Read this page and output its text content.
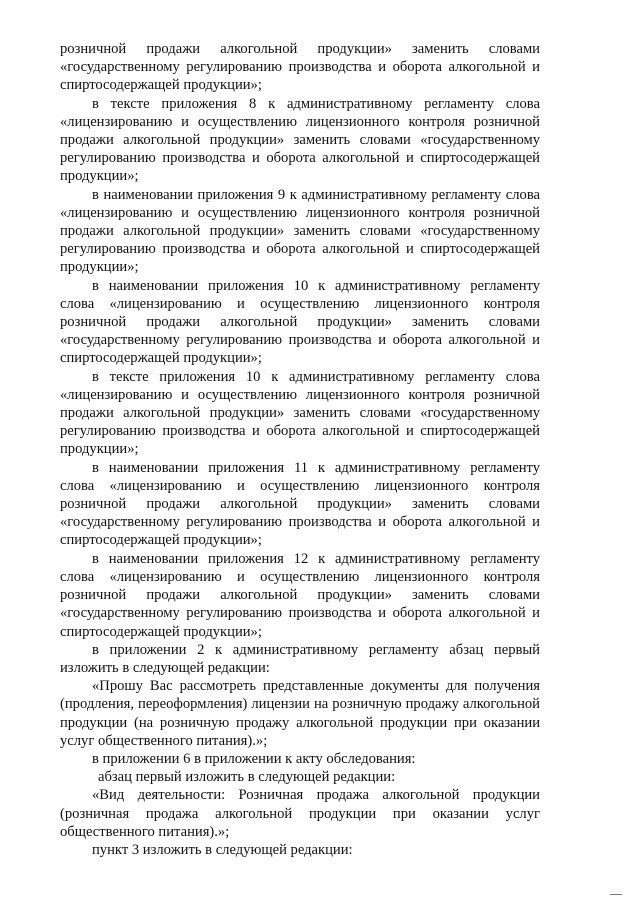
розничной продажи алкогольной продукции» заменить словами «государственному регулированию производства и оборота алкогольной и спиртосодержащей продукции»;

в тексте приложения 8 к административному регламенту слова «лицензированию и осуществлению лицензионного контроля розничной продажи алкогольной продукции» заменить словами «государственному регулированию производства и оборота алкогольной и спиртосодержащей продукции»;

в наименовании приложения 9 к административному регламенту слова «лицензированию и осуществлению лицензионного контроля розничной продажи алкогольной продукции» заменить словами «государственному регулированию производства и оборота алкогольной и спиртосодержащей продукции»;

в наименовании приложения 10 к административному регламенту слова «лицензированию и осуществлению лицензионного контроля розничной продажи алкогольной продукции» заменить словами «государственному регулированию производства и оборота алкогольной и спиртосодержащей продукции»;

в тексте приложения 10 к административному регламенту слова «лицензированию и осуществлению лицензионного контроля розничной продажи алкогольной продукции» заменить словами «государственному регулированию производства и оборота алкогольной и спиртосодержащей продукции»;

в наименовании приложения 11 к административному регламенту слова «лицензированию и осуществлению лицензионного контроля розничной продажи алкогольной продукции» заменить словами «государственному регулированию производства и оборота алкогольной и спиртосодержащей продукции»;

в наименовании приложения 12 к административному регламенту слова «лицензированию и осуществлению лицензионного контроля розничной продажи алкогольной продукции» заменить словами «государственному регулированию производства и оборота алкогольной и спиртосодержащей продукции»;

в приложении 2 к административному регламенту абзац первый изложить в следующей редакции:

«Прошу Вас рассмотреть представленные документы для получения (продления, переоформления) лицензии на розничную продажу алкогольной продукции (на розничную продажу алкогольной продукции при оказании услуг общественного питания).»;

в приложении 6 в приложении к акту обследования:

абзац первый изложить в следующей редакции:

«Вид деятельности: Розничная продажа алкогольной продукции (розничная продажа алкогольной продукции при оказании услуг общественного питания).»;

пункт 3 изложить в следующей редакции:
